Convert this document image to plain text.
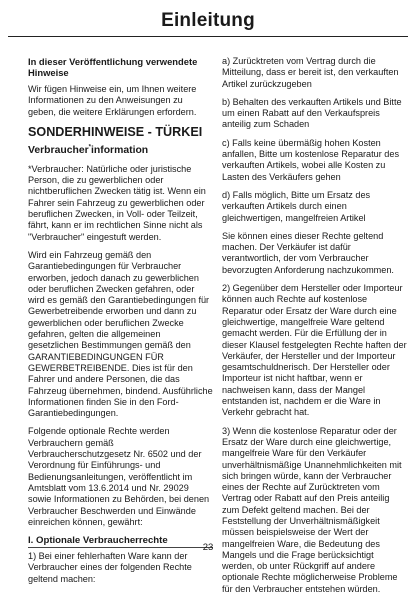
Einleitung
In dieser Veröffentlichung verwendete Hinweise

Wir fügen Hinweise ein, um Ihnen weitere Informationen zu den Anweisungen zu geben, die weitere Erklärungen erfordern.

SONDERHINWEISE - TÜRKEI
Verbraucher*information

*Verbraucher: Natürliche oder juristische Person, die zu gewerblichen oder nichtberuflichen Zwecken tätig ist. Wenn ein Fahrer sein Fahrzeug zu gewerblichen oder beruflichen Zwecken, in Voll- oder Teilzeit, fährt, kann er im rechtlichen Sinne nicht als "Verbraucher" eingestuft werden.

Wird ein Fahrzeug gemäß den Garantiebedingungen für Verbraucher erworben, jedoch danach zu gewerblichen oder beruflichen Zwecken gefahren, oder wird es gemäß den Garantiebedingungen für Gewerbetreibende erworben und dann zu gewerblichen oder beruflichen Zwecke gefahren, gelten die allgemeinen gesetzlichen Bestimmungen gemäß den GARANTIEBEDINGUNGEN FÜR GEWERBETREIBENDE. Dies ist für den Fahrer und andere Personen, die das Fahrzeug übernehmen, bindend. Ausführliche Informationen finden Sie in den Ford-Garantiebedingungen.

Folgende optionale Rechte werden Verbrauchern gemäß Verbraucherschutzgesetz Nr. 6502 und der Verordnung für Einführungs- und Bedienungsanleitungen, veröffentlicht im Amtsblatt vom 13.6.2014 und Nr. 29029 sowie Informationen zu Behörden, bei denen Verbraucher Beschwerden und Einwände einreichen können, gewährt:

I. Optionale Verbraucherrechte

1) Bei einer fehlerhaften Ware kann der Verbraucher eines der folgenden Rechte geltend machen:

a) Zurücktreten vom Vertrag durch die Mitteilung, dass er bereit ist, den verkauften Artikel zurückzugeben

b) Behalten des verkauften Artikels und Bitte um einen Rabatt auf den Verkaufspreis anteilig zum Schaden

c) Falls keine übermäßig hohen Kosten anfallen, Bitte um kostenlose Reparatur des verkauften Artikels, wobei alle Kosten zu Lasten des Verkäufers gehen

d) Falls möglich, Bitte um Ersatz des verkauften Artikels durch einen gleichwertigen, mangelfreien Artikel

Sie können eines dieser Rechte geltend machen. Der Verkäufer ist dafür verantwortlich, der vom Verbraucher bevorzugten Anforderung nachzukommen.

2) Gegenüber dem Hersteller oder Importeur können auch Rechte auf kostenlose Reparatur oder Ersatz der Ware durch eine gleichwertige, mangelfreie Ware geltend gemacht werden. Für die Erfüllung der in dieser Klausel festgelegten Rechte haften der Verkäufer, der Hersteller und der Importeur gesamtschuldnerisch. Der Hersteller oder Importeur ist nicht haftbar, wenn er nachweisen kann, dass der Mangel entstanden ist, nachdem er die Ware in Verkehr gebracht hat.

3) Wenn die kostenlose Reparatur oder der Ersatz der Ware durch eine gleichwertige, mangelfreie Ware für den Verkäufer unverhältnismäßige Unannehmlichkeiten mit sich bringen würde, kann der Verbraucher eines der Rechte auf Zurücktreten vom Vertrag oder Rabatt auf den Preis anteilig zum Defekt geltend machen. Bei der Feststellung der Unverhältnismäßigkeit müssen beispielsweise der Wert der mangelfreien Ware, die Bedeutung des Mangels und die Frage berücksichtigt werden, ob unter Rückgriff auf andere optionale Rechte möglicherweise Probleme für den Verbraucher entstehen würden.

23
